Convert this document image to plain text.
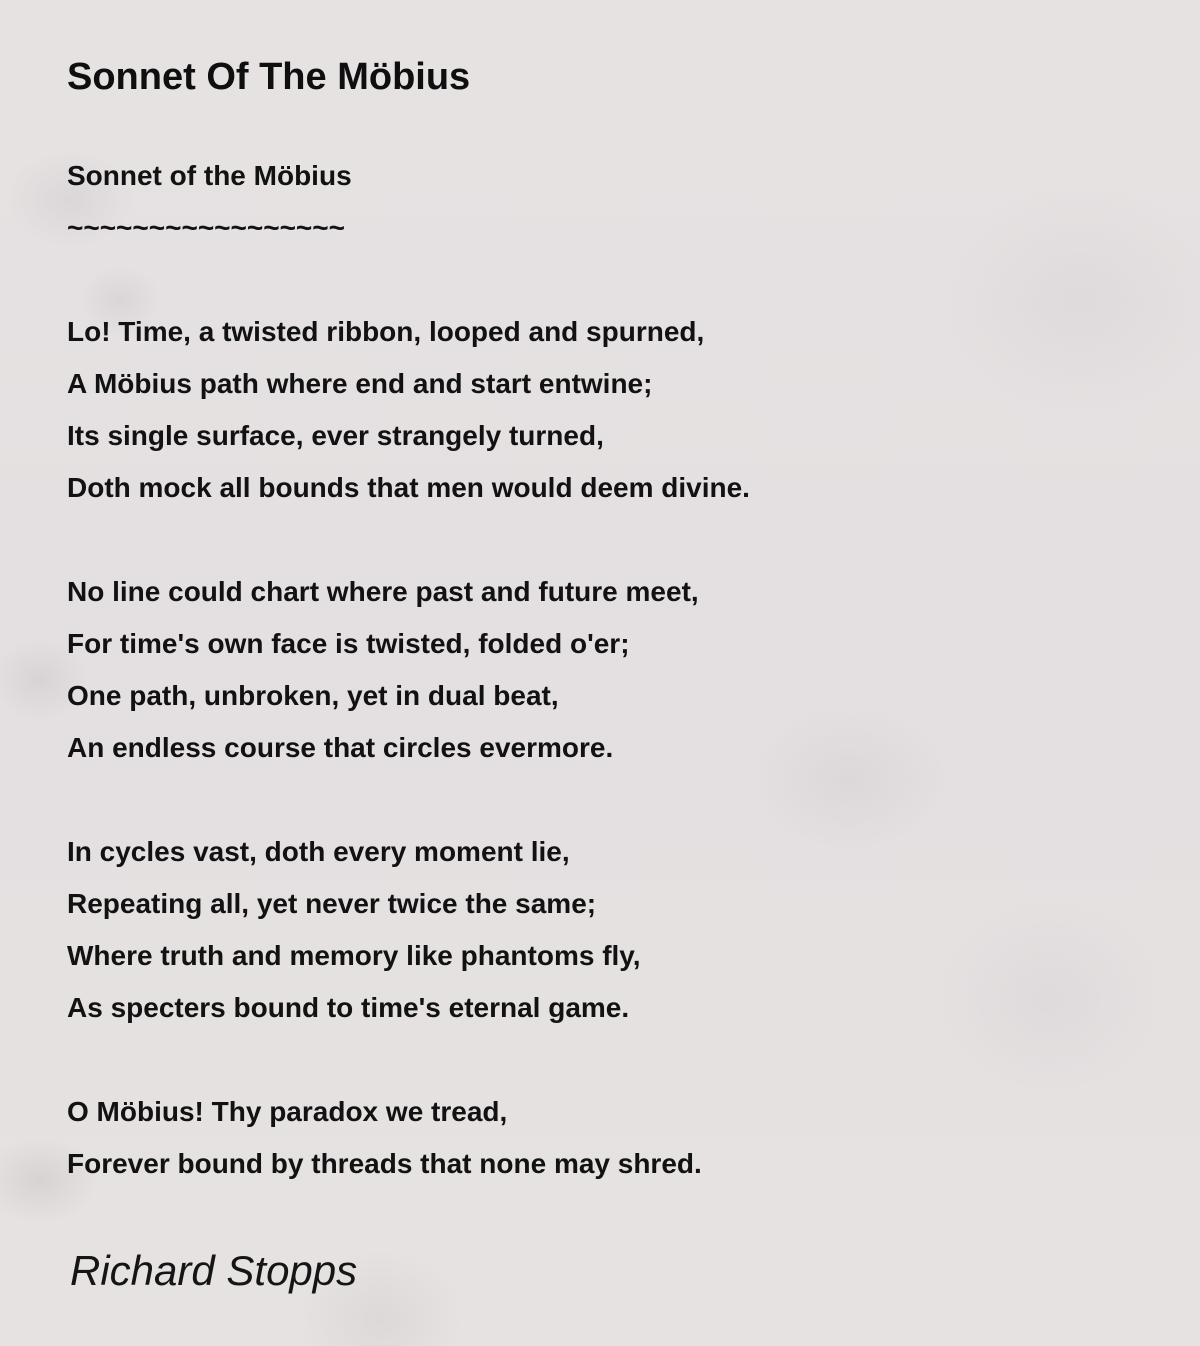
Sonnet Of The Möbius
Sonnet of the Möbius
~~~~~~~~~~~~~~~~~
Lo! Time, a twisted ribbon, looped and spurned,
A Möbius path where end and start entwine;
Its single surface, ever strangely turned,
Doth mock all bounds that men would deem divine.
No line could chart where past and future meet,
For time's own face is twisted, folded o'er;
One path, unbroken, yet in dual beat,
An endless course that circles evermore.
In cycles vast, doth every moment lie,
Repeating all, yet never twice the same;
Where truth and memory like phantoms fly,
As specters bound to time's eternal game.
O Möbius! Thy paradox we tread,
Forever bound by threads that none may shred.
Richard Stopps
